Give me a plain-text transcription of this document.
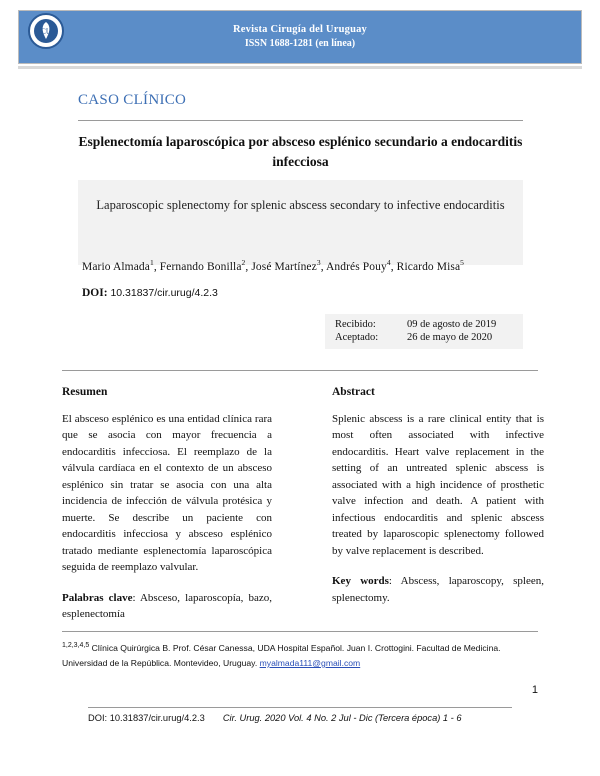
Revista Cirugía del Uruguay
ISSN 1688-1281 (en línea)
CU
CASO CLÍNICO
Esplenectomía laparoscópica por absceso esplénico secundario a endocarditis infecciosa
Laparoscopic splenectomy for splenic abscess secondary to infective endocarditis
Mario Almada$^1$, Fernando Bonilla$^2$, José Martínez$^3$, Andrés Pouy$^4$, Ricardo Misa$^5$
DOI: 10.31837/cir.urug/4.2.3
Recibido:	09 de agosto de 2019
Aceptado:	26 de mayo de 2020
Resumen

El absceso esplénico es una entidad clínica rara que se asocia con mayor frecuencia a endocarditis infecciosa. El reemplazo de la válvula cardíaca en el contexto de un absceso esplénico sin tratar se asocia con una alta incidencia de infección de válvula protésica y muerte. Se describe un paciente con endocarditis infecciosa y absceso esplénico tratado mediante esplenectomía laparoscópica seguida de reemplazo valvular.

Palabras clave: Absceso, laparoscopía, bazo, esplenectomía
Abstract

Splenic abscess is a rare clinical entity that is most often associated with infective endocarditis. Heart valve replacement in the setting of an untreated splenic abscess is associated with a high incidence of prosthetic valve infection and death. A patient with infectious endocarditis and splenic abscess treated by laparoscopic splenectomy followed by valve replacement is described.

Key words: Abscess, laparoscopy, spleen, splenectomy.
$^{1,2,3,4,5}$ Clínica Quirúrgica B. Prof. César Canessa, UDA Hospital Español. Juan I. Crottogini. Facultad de Medicina. Universidad de la República. Montevideo, Uruguay. myalmada111@gmail.com
1
DOI: 10.31837/cir.urug/4.2.3 Cir. Urug. 2020 Vol. 4 No. 2 Jul - Dic (Tercera época) 1 - 6
